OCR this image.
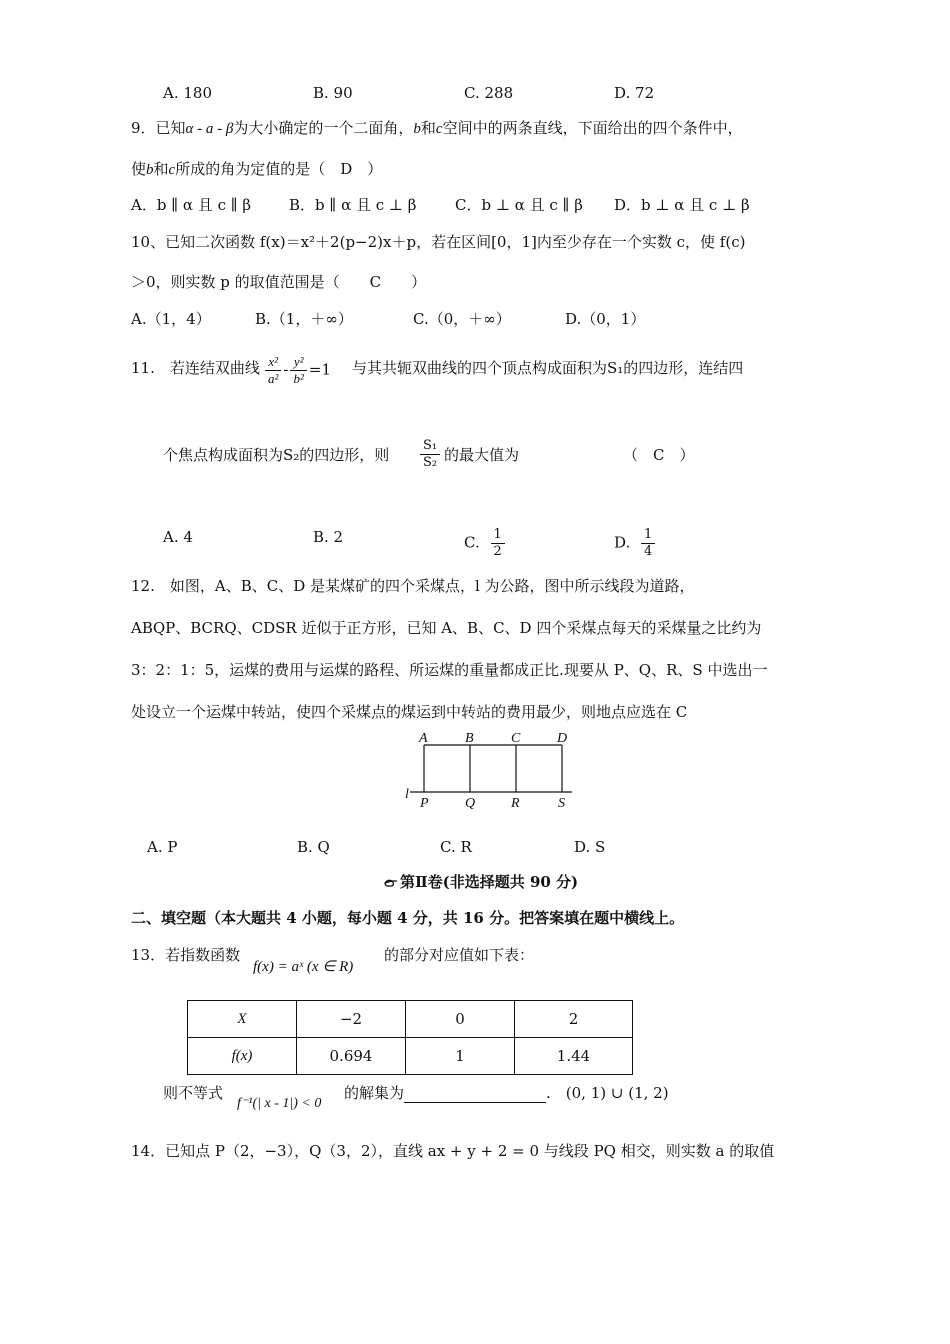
A. 180	B. 90	C. 288	D. 72
9．已知α - a - β为大小确定的一个二面角，b和c空间中的两条直线，下面给出的四个条件中，
使b和c所成的角为定值的是（　D　）
A．b ∥ α 且 c ∥ β	B．b ∥ α 且 c ⊥ β	C．b ⊥ α 且 c ∥ β D．b ⊥ α 且 c ⊥ β
10、已知二次函数 f(x)＝x²＋2(p−2)x＋p，若在区间[0，1]内至少存在一个实数 c，使 f(c)
＞0，则实数 p 的取值范围是（　　C　　）
A.（1，4）	B.（1，＋∞）	C.（0，＋∞）	D.（0，1）
11.　若连结双曲线 $\frac{\text{x²}}{\text{a²}} - \frac{\text{y²}}{\text{b²}} =1$ 与其共轭双曲线的四个顶点构成面积为S₁的四边形，连结四
个焦点构成面积为S₂的四边形，则 $\frac{\text{S₁}}{\text{S₂}}$ 的最大值为	（　C　）
A. 4	B. 2	C. $\frac{1}{2}$	D. $\frac{1}{4}$
12.　如图，A、B、C、D 是某煤矿的四个采煤点，l 为公路，图中所示线段为道路，
ABQP、BCRQ、CDSR 近似于正方形，已知 A、B、C、D 四个采煤点每天的采煤量之比约为
3：2：1：5，运煤的费用与运煤的路程、所运煤的重量都成正比.现要从 P、Q、R、S 中选出一
处设立一个运煤中转站，使四个采煤点的煤运到中转站的费用最少，则地点应选在 C
A	B	C	D
P	Q	R	S
l
A. P	B. Q	C. R	D. S
第Ⅱ卷(非选择题共 90 分)
二、填空题（本大题共 4 小题，每小题 4 分，共 16 分。把答案填在题中横线上。
13．若指数函数
f(x) = aˣ (x ∈ R)
的部分对应值如下表：
X	−2	0	2
f(x)	0.694	1	1.44
则不等式
f⁻¹(| x - 1|) < 0
的解集为	.　(0, 1) ∪ (1, 2)
14．已知点 P（2，−3），Q（3，2），直线 ax + y + 2 = 0 与线段 PQ 相交，则实数 a 的取值
